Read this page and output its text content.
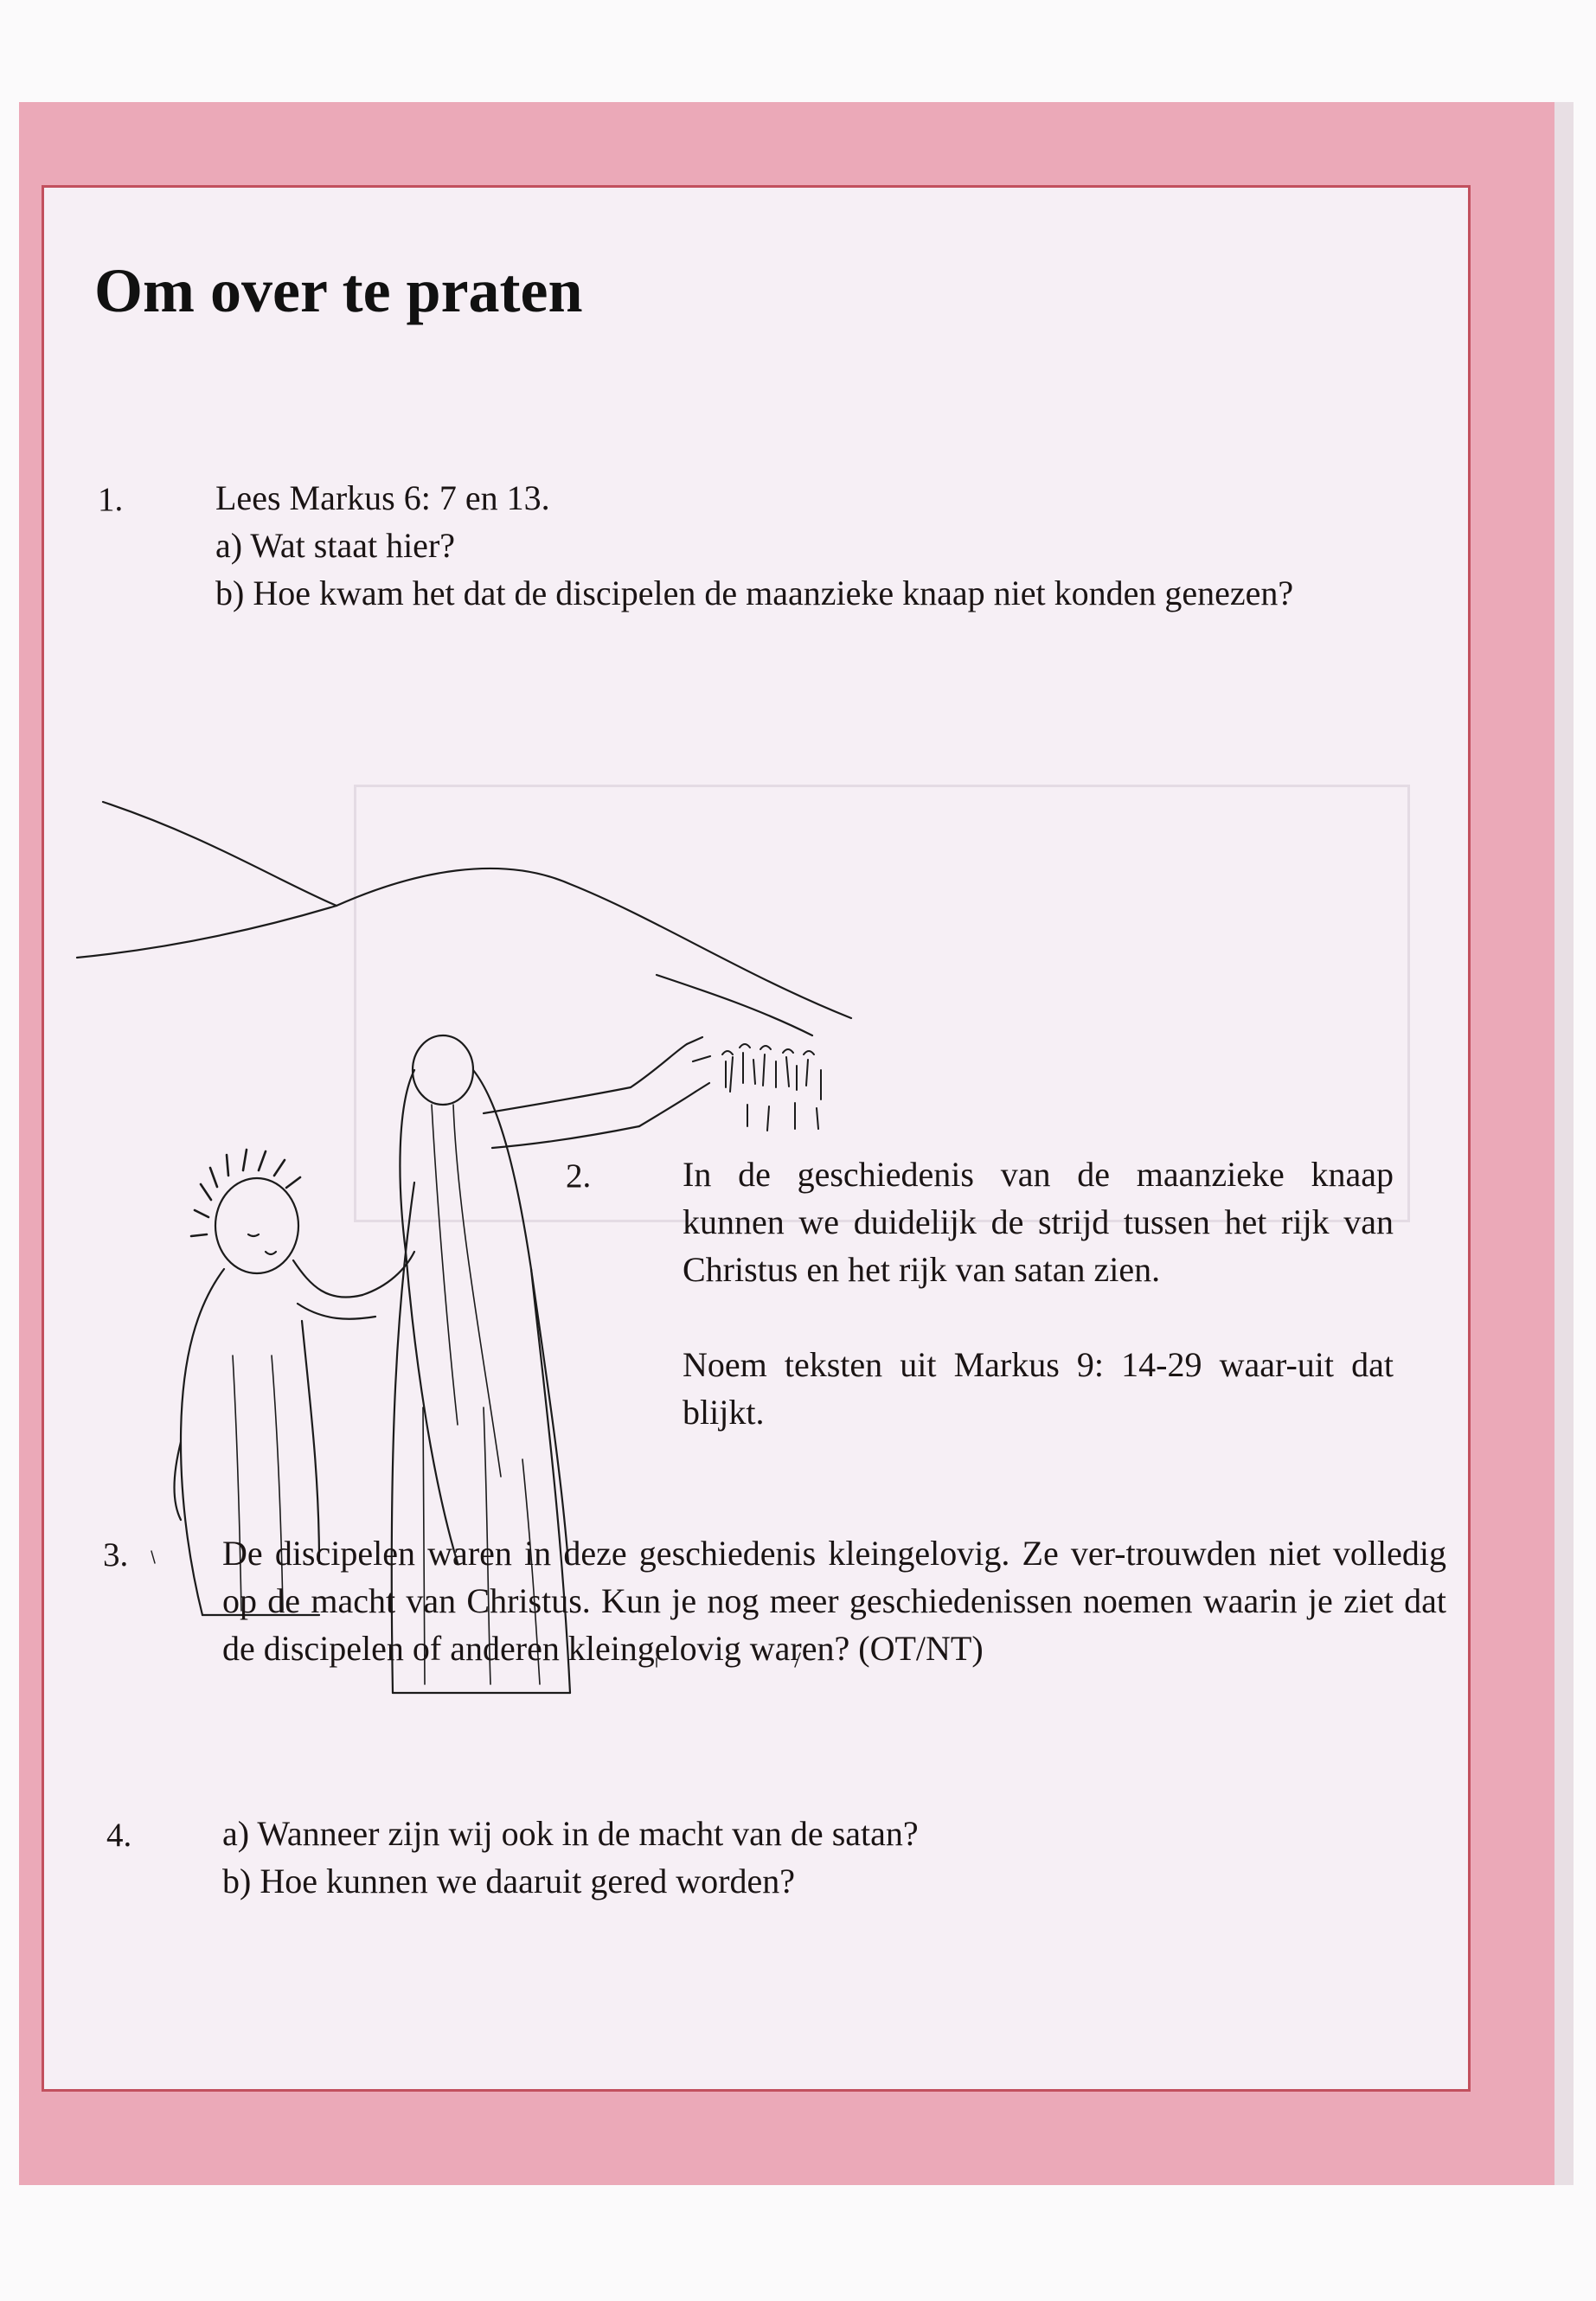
Om over te praten
1.	Lees Markus 6: 7 en 13.

a) Wat staat hier?

b) Hoe kwam het dat de discipelen de maanzieke knaap niet konden genezen?

2.	In de geschiedenis van de maanzieke knaap kunnen we duidelijk de strijd tussen het rijk van Christus en het rijk van satan zien.

Noem teksten uit Markus 9: 14-29 waar-uit dat blijkt.

3.	De discipelen waren in deze geschiedenis kleingelovig. Ze ver-trouwden niet volledig op de macht van Christus. Kun je nog meer geschiedenissen noemen waarin je ziet dat de discipelen of anderen kleingelovig waren? (OT/NT)

4.	a) Wanneer zijn wij ook in de macht van de satan?

b) Hoe kunnen we daaruit gered worden?
